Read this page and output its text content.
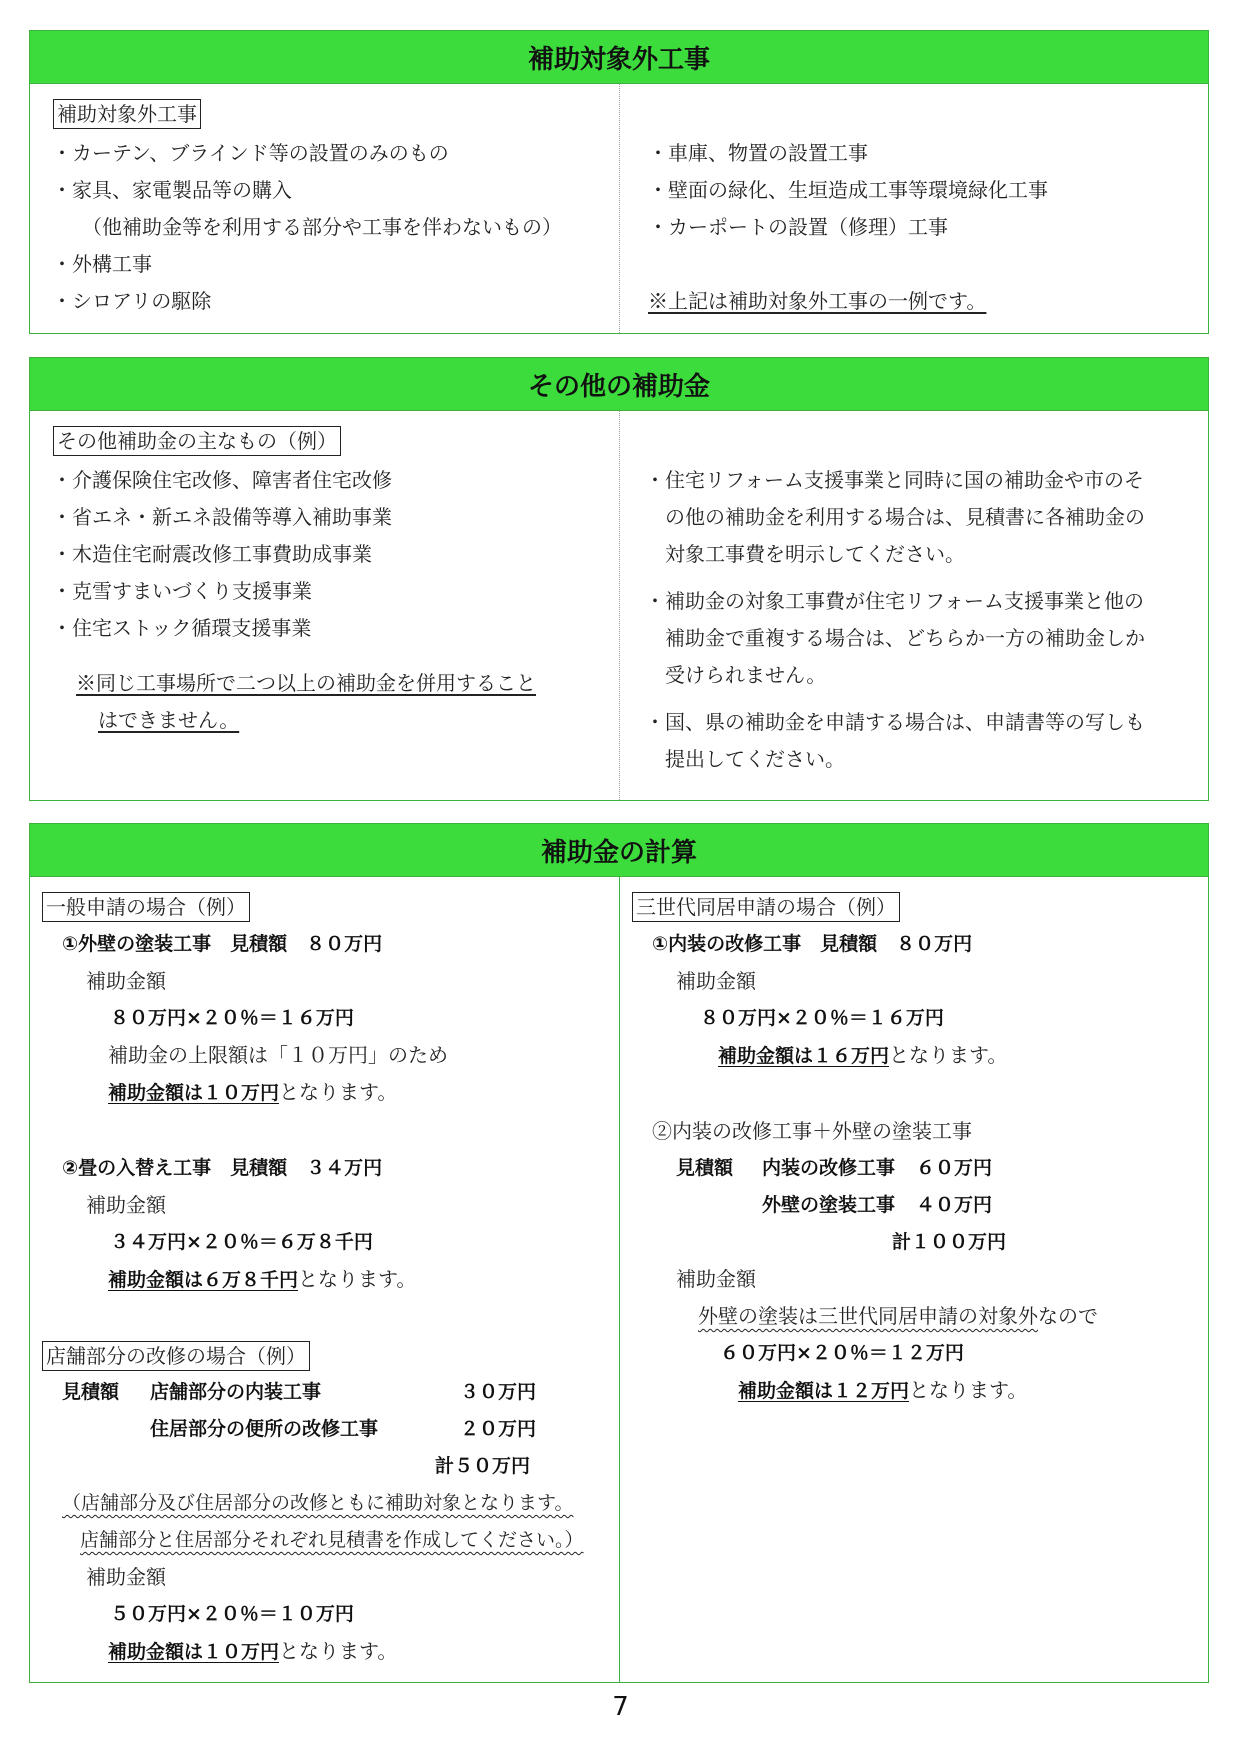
補助対象外工事
補助対象外工事
・カーテン、ブラインド等の設置のみのもの
・家具、家電製品等の購入
（他補助金等を利用する部分や工事を伴わないもの）
・外構工事
・シロアリの駆除
・車庫、物置の設置工事
・壁面の緑化、生垣造成工事等環境緑化工事
・カーポートの設置（修理）工事
※上記は補助対象外工事の一例です。
その他の補助金
その他補助金の主なもの（例）
・介護保険住宅改修、障害者住宅改修
・省エネ・新エネ設備等導入補助事業
・木造住宅耐震改修工事費助成事業
・克雪すまいづくり支援事業
・住宅ストック循環支援事業
※同じ工事場所で二つ以上の補助金を併用すること
はできません。
・住宅リフォーム支援事業と同時に国の補助金や市のそ
の他の補助金を利用する場合は、見積書に各補助金の
対象工事費を明示してください。
・補助金の対象工事費が住宅リフォーム支援事業と他の
補助金で重複する場合は、どちらか一方の補助金しか
受けられません。
・国、県の補助金を申請する場合は、申請書等の写しも
提出してください。
補助金の計算
一般申請の場合（例）
①外壁の塗装工事　見積額　８０万円
補助金額
８０万円×２０％＝１６万円
補助金の上限額は「１０万円」のため
補助金額は１０万円となります。
②畳の入替え工事　見積額　３４万円
補助金額
３４万円×２０％＝６万８千円
補助金額は６万８千円となります。
店舗部分の改修の場合（例）
見積額 店舗部分の内装工事	３０万円
住居部分の便所の改修工事	２０万円
計５０万円
（店舗部分及び住居部分の改修ともに補助対象となります。
店舗部分と住居部分それぞれ見積書を作成してください。）
補助金額
５０万円×２０％＝１０万円
補助金額は１０万円となります。
三世代同居申請の場合（例）
①内装の改修工事　見積額　８０万円
補助金額
８０万円×２０％＝１６万円
補助金額は１６万円となります。
②内装の改修工事＋外壁の塗装工事
見積額 内装の改修工事 ６０万円
外壁の塗装工事 ４０万円
計１００万円
補助金額
外壁の塗装は三世代同居申請の対象外なので
６０万円×２０％＝１２万円
補助金額は１２万円となります。
7
